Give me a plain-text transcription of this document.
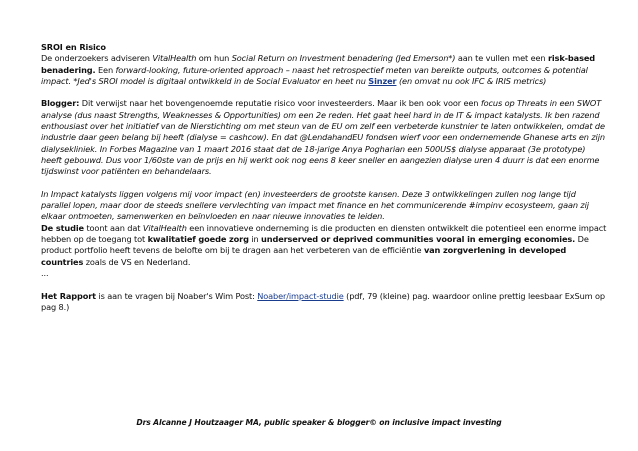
SROI en Risico
De onderzoekers adviseren VitalHealth om hun Social Return on Investment benadering (Jed Emerson*) aan te vullen met een risk-based benadering. Een forward-looking, future-oriented approach – naast het retrospectief meten van bereikte outputs, outcomes & potential impact. *Jed's SROI model is digitaal ontwikkeld in de Social Evaluator en heet nu Sinzer (en omvat nu ook IFC & IRIS metrics)

Blogger: Dit verwijst naar het bovengenoemde reputatie risico voor investeerders. Maar ik ben ook voor een focus op Threats in een SWOT analyse (dus naast Strengths, Weaknesses & Opportunities) om een 2e reden. Het gaat heel hard in de IT & impact katalysts. Ik ben razend enthousiast over het initiatief van de Nierstichting om met steun van de EU om zelf een verbeterde kunstnier te laten ontwikkelen, omdat de industrie daar geen belang bij heeft (dialyse = cashcow). En dat @LendahandEU fondsen wierf voor een ondernemende Ghanese arts en zijn dialysekliniek. In Forbes Magazine van 1 maart 2016 staat dat de 18-jarige Anya Pogharian een 500US$ dialyse apparaat (3e prototype) heeft gebouwd. Dus voor 1/60ste van de prijs en hij werkt ook nog eens 8 keer sneller en aangezien dialyse uren 4 duurr is dat een enorme tijdswinst voor patiënten en behandelaars.

In Impact katalysts liggen volgens mij voor impact (en) investeerders de grootste kansen. Deze 3 ontwikkelingen zullen nog lange tijd parallel lopen, maar door de steeds snellere vervlechting van impact met finance en het communicerende #impinv ecosysteem, gaan zij elkaar ontmoeten, samenwerken en beïnvloeden en naar nieuwe innovaties te leiden.
De studie toont aan dat VitalHealth een innovatieve onderneming is die producten en diensten ontwikkelt die potentieel een enorme impact hebben op de toegang tot kwalitatief goede zorg in underserved or deprived communities vooral in emerging economies. De product portfolio heeft tevens de belofte om bij te dragen aan het verbeteren van de efficiëntie van zorgverlening in developed countries zoals de VS en Nederland.
...

Het Rapport is aan te vragen bij Noaber's Wim Post: Noaber/impact-studie (pdf, 79 (kleine) pag. waardoor online prettig leesbaar ExSum op pag 8.)

Drs Alcanne J Houtzaager MA, public speaker & blogger© on inclusive impact investing
